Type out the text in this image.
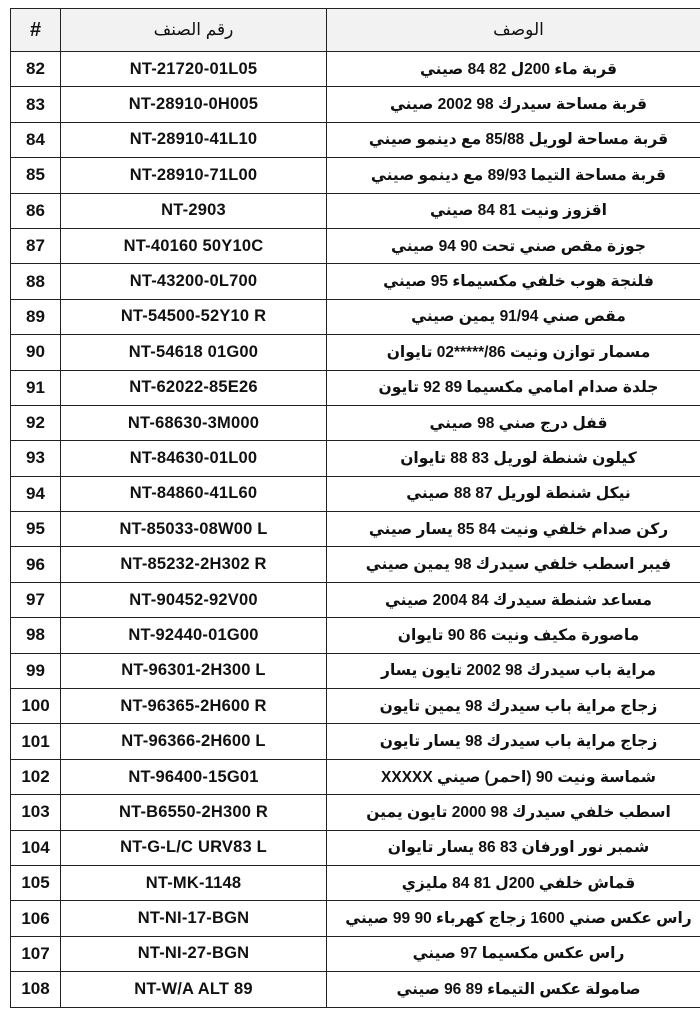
#	رقم الصنف	الوصف
82	NT-21720-01L05	قربة ماء 200ل 82 84 صيني
83	NT-28910-0H005	قربة مساحة سيدرك 98 2002 صيني
84	NT-28910-41L10	قربة مساحة لوريل 85/88 مع دينمو صيني
85	NT-28910-71L00	قربة مساحة التيما 89/93 مع دينمو صيني
86	NT-2903	اقزوز ونيت 81 84 صيني
87	NT-40160 50Y10C	جوزة مقص صني تحت 90 94 صيني
88	NT-43200-0L700	فلنجة هوب خلفي مكسيماء 95 صيني
89	NT-54500-52Y10 R	مقص صني 91/94 يمين صيني
90	NT-54618 01G00	مسمار توازن ونيت 86/*****02 تايوان
91	NT-62022-85E26	جلدة صدام امامي مكسيما 89 92 تايون
92	NT-68630-3M000	قفل درج صني 98 صيني
93	NT-84630-01L00	كيلون شنطة لوريل 83 88 تايوان
94	NT-84860-41L60	نيكل شنطة لوريل 87 88 صيني
95	NT-85033-08W00 L	ركن صدام خلفي ونيت 84 85 يسار صيني
96	NT-85232-2H302 R	فيبر اسطب خلفي سيدرك 98 يمين صيني
97	NT-90452-92V00	مساعد شنطة سيدرك 84 2004 صيني
98	NT-92440-01G00	ماصورة مكيف ونيت 86 90 تايوان
99	NT-96301-2H300 L	مراية باب سيدرك 98 2002 تايون يسار
100	NT-96365-2H600 R	زجاج مراية باب سيدرك 98 يمين تايون
101	NT-96366-2H600 L	زجاج مراية باب سيدرك 98 يسار تايون
102	NT-96400-15G01	شماسة ونيت 90 (احمر) صيني XXXXX
103	NT-B6550-2H300 R	اسطب خلفي سيدرك 98 2000 تايون يمين
104	NT-G-L/C URV83 L	شمبر نور اورفان 83 86 يسار تايوان
105	NT-MK-1148	قماش خلفي 200ل 81 84 مليزي
106	NT-NI-17-BGN	راس عكس صني 1600 زجاج كهرباء 90 99 صيني
107	NT-NI-27-BGN	راس عكس مكسيما 97 صيني
108	NT-W/A ALT 89	صامولة عكس التيماء 89 96 صيني
